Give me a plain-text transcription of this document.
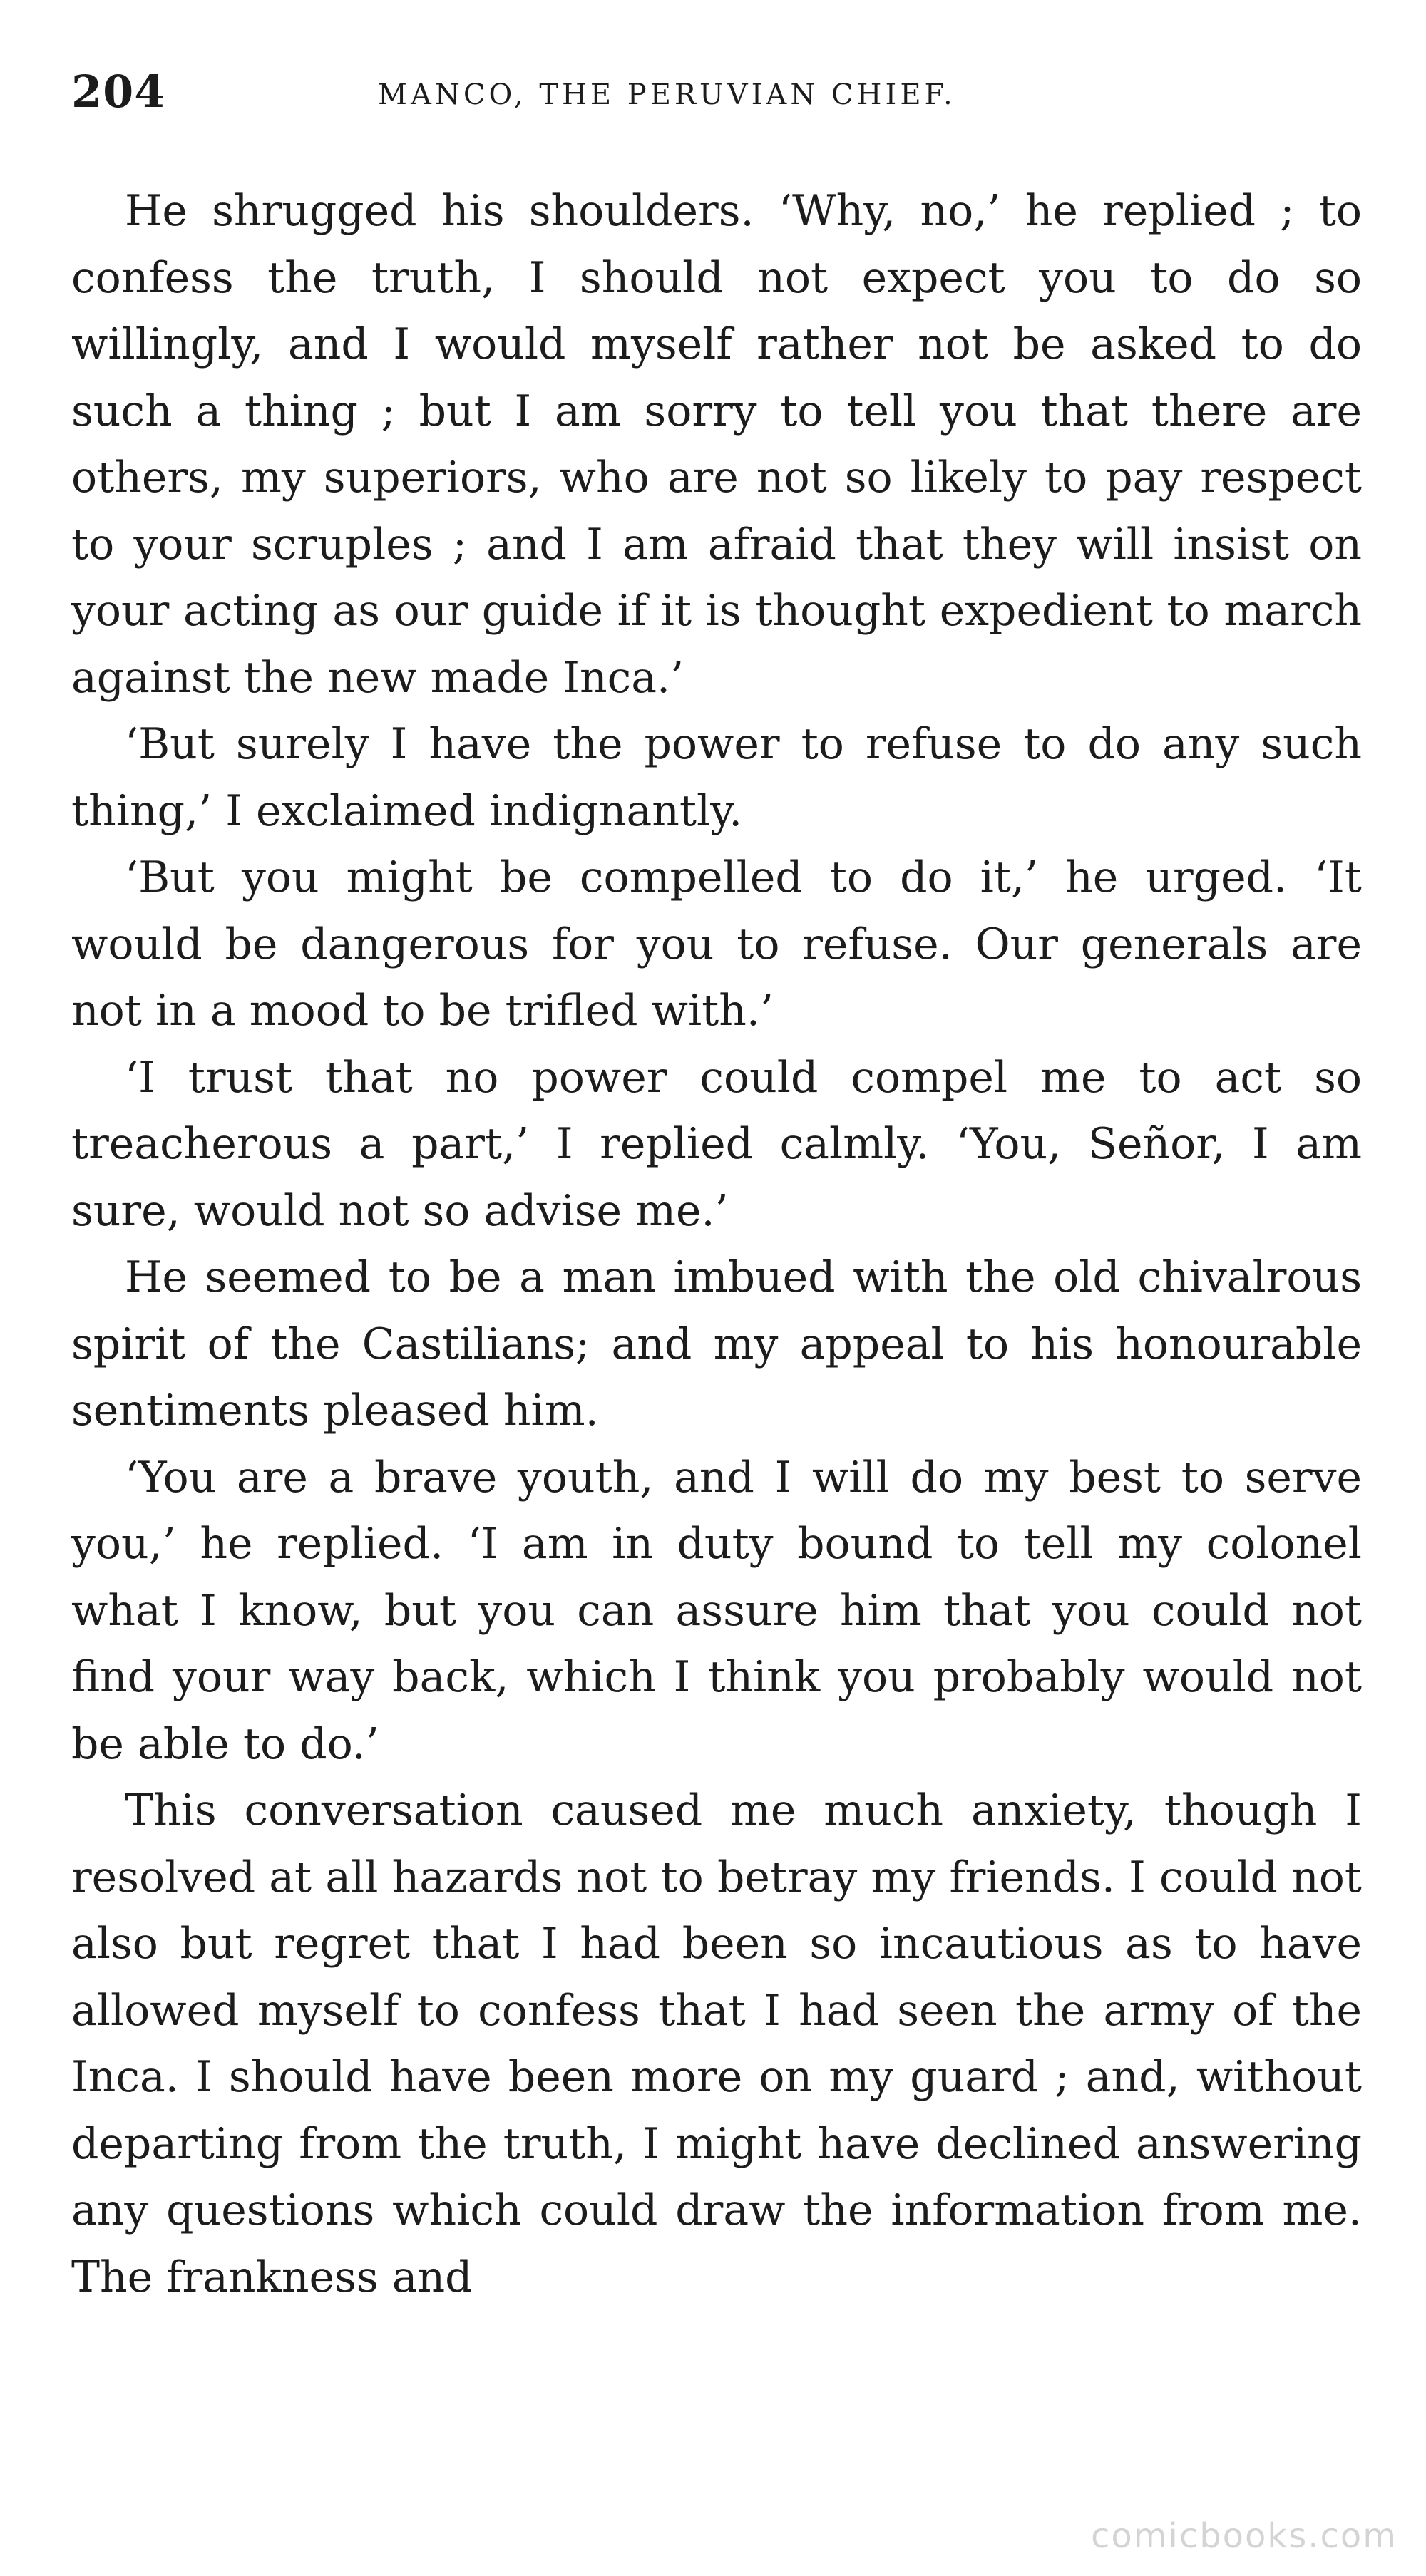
204	MANCO, THE PERUVIAN CHIEF.

He shrugged his shoulders. ‘Why, no,’ he replied ; to confess the truth, I should not expect you to do so willingly, and I would myself rather not be asked to do such a thing ; but I am sorry to tell you that there are others, my superiors, who are not so likely to pay respect to your scruples ; and I am afraid that they will insist on your acting as our guide if it is thought expedient to march against the new made Inca.’

‘But surely I have the power to refuse to do any such thing,’ I exclaimed indignantly.

‘But you might be compelled to do it,’ he urged. ‘It would be dangerous for you to refuse. Our generals are not in a mood to be trifled with.’

‘I trust that no power could compel me to act so treacherous a part,’ I replied calmly. ‘You, Señor, I am sure, would not so advise me.’

He seemed to be a man imbued with the old chivalrous spirit of the Castilians; and my appeal to his honourable sentiments pleased him.

‘You are a brave youth, and I will do my best to serve you,’ he replied. ‘I am in duty bound to tell my colonel what I know, but you can assure him that you could not find your way back, which I think you probably would not be able to do.’

This conversation caused me much anxiety, though I resolved at all hazards not to betray my friends. I could not also but regret that I had been so incautious as to have allowed myself to confess that I had seen the army of the Inca. I should have been more on my guard ; and, without departing from the truth, I might have declined answering any questions which could draw the information from me. The frankness and

comicbooks.com
